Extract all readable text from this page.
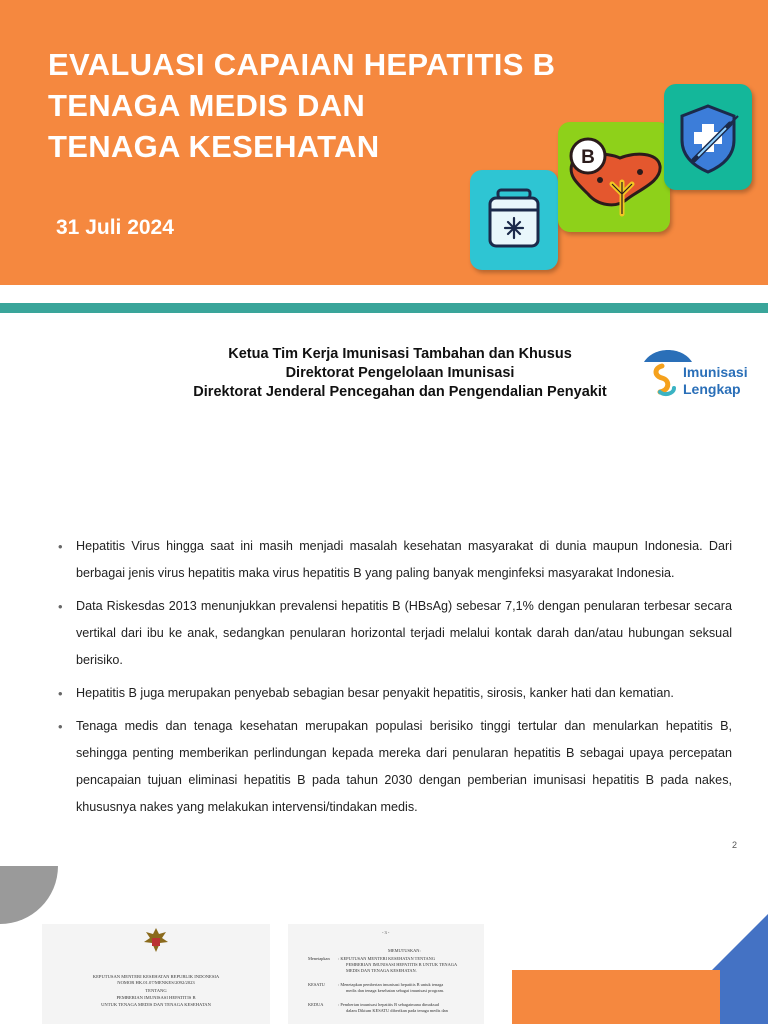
EVALUASI CAPAIAN HEPATITIS B
TENAGA MEDIS DAN
TENAGA KESEHATAN
31 Juli 2024
B
Ketua Tim Kerja Imunisasi Tambahan dan Khusus
Direktorat Pengelolaan Imunisasi
Direktorat Jenderal Pencegahan dan Pengendalian Penyakit
Imunisasi
Lengkap
• Hepatitis Virus hingga saat ini masih menjadi masalah kesehatan masyarakat di dunia maupun Indonesia. Dari berbagai jenis virus hepatitis maka virus hepatitis B yang paling banyak menginfeksi masyarakat Indonesia.
• Data Riskesdas 2013 menunjukkan prevalensi hepatitis B (HBsAg) sebesar 7,1% dengan penularan terbesar secara vertikal dari ibu ke anak, sedangkan penularan horizontal terjadi melalui kontak darah dan/atau hubungan seksual berisiko.
• Hepatitis B juga merupakan penyebab sebagian besar penyakit hepatitis, sirosis, kanker hati dan kematian.
• Tenaga medis dan tenaga kesehatan merupakan populasi berisiko tinggi tertular dan menularkan hepatitis B, sehingga penting memberikan perlindungan kepada mereka dari penularan hepatitis B sebagai upaya percepatan pencapaian tujuan eliminasi hepatitis B pada tahun 2030 dengan pemberian imunisasi hepatitis B pada nakes, khususnya nakes yang melakukan intervensi/tindakan medis.
2
KEPUTUSAN MENTERI KESEHATAN REPUBLIK INDONESIA
NOMOR HK.01.07/MENKES/2092/2023
TENTANG
PEMBERIAN IMUNISASI HEPATITIS B
UNTUK TENAGA MEDIS DAN TENAGA KESEHATAN
- 3 -
MEMUTUSKAN:
Menetapkan : KEPUTUSAN MENTERI KESEHATAN TENTANG
PEMBERIAN IMUNISASI HEPATITIS B UNTUK TENAGA
MEDIS DAN TENAGA KESEHATAN.
KESATU	: Menetapkan pemberian imunisasi hepatitis B untuk tenaga
medis dan tenaga kesehatan sebagai imunisasi program.
KEDUA	: Pemberian imunisasi hepatitis B sebagaimana dimaksud
dalam Diktum KESATU diberikan pada tenaga medis dan
